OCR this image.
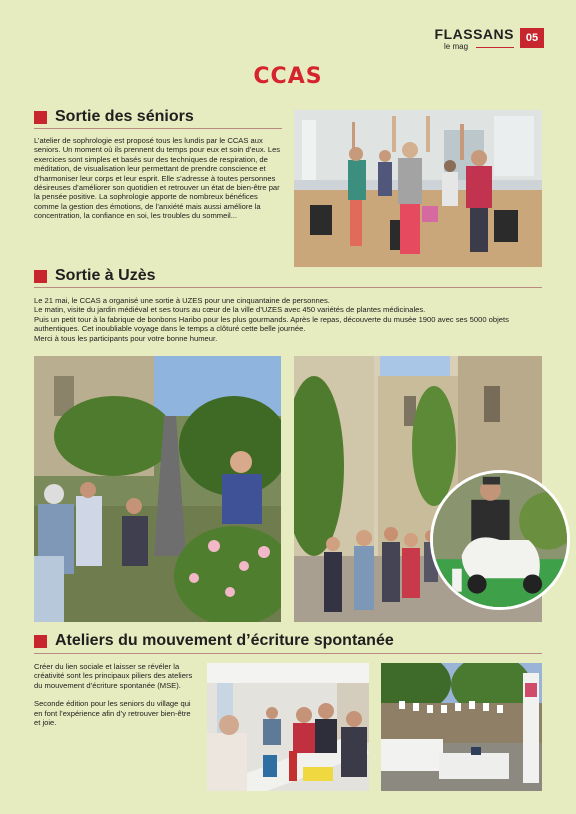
FLASSANS
le mag
05
CCAS
Sortie des séniors
L’atelier de sophrologie est proposé tous les lundis par le CCAS aux seniors. Un moment où ils prennent du temps pour eux et soin d’eux. Les exercices sont simples et basés sur des techniques de respiration, de méditation, de visualisation leur permettant de prendre conscience et d’harmoniser leur corps et leur esprit. Elle s’adresse à toutes personnes désireuses d’améliorer son quotidien et retrouver un état de bien-être par la pensée positive. La sophrologie apporte de nombreux bénéfices comme la gestion des émotions, de l’anxiété mais aussi améliore la concentration, la confiance en soi, les troubles du sommeil...
Sortie à Uzès
Le 21 mai, le CCAS a organisé une sortie à UZES pour une cinquantaine de personnes.
Le matin, visite du jardin médiéval et ses tours au cœur de la ville d’UZES avec 450 variétés de plantes médicinales.
Puis un petit tour à la fabrique de bonbons Haribo pour les plus gourmands. Après le repas, découverte du musée 1900 avec ses 5000 objets authentiques. Cet inoubliable voyage dans le temps a clôturé cette belle journée.
Merci à tous les participants pour votre bonne humeur.
Ateliers du mouvement d’écriture spontanée
Créer du lien sociale et laisser se révéler la créativité sont les principaux piliers des ateliers du mouvement d’écriture spontanée (MSE).
Seconde édition pour les seniors du village qui en font l’expérience afin d’y retrouver bien-être et joie.
